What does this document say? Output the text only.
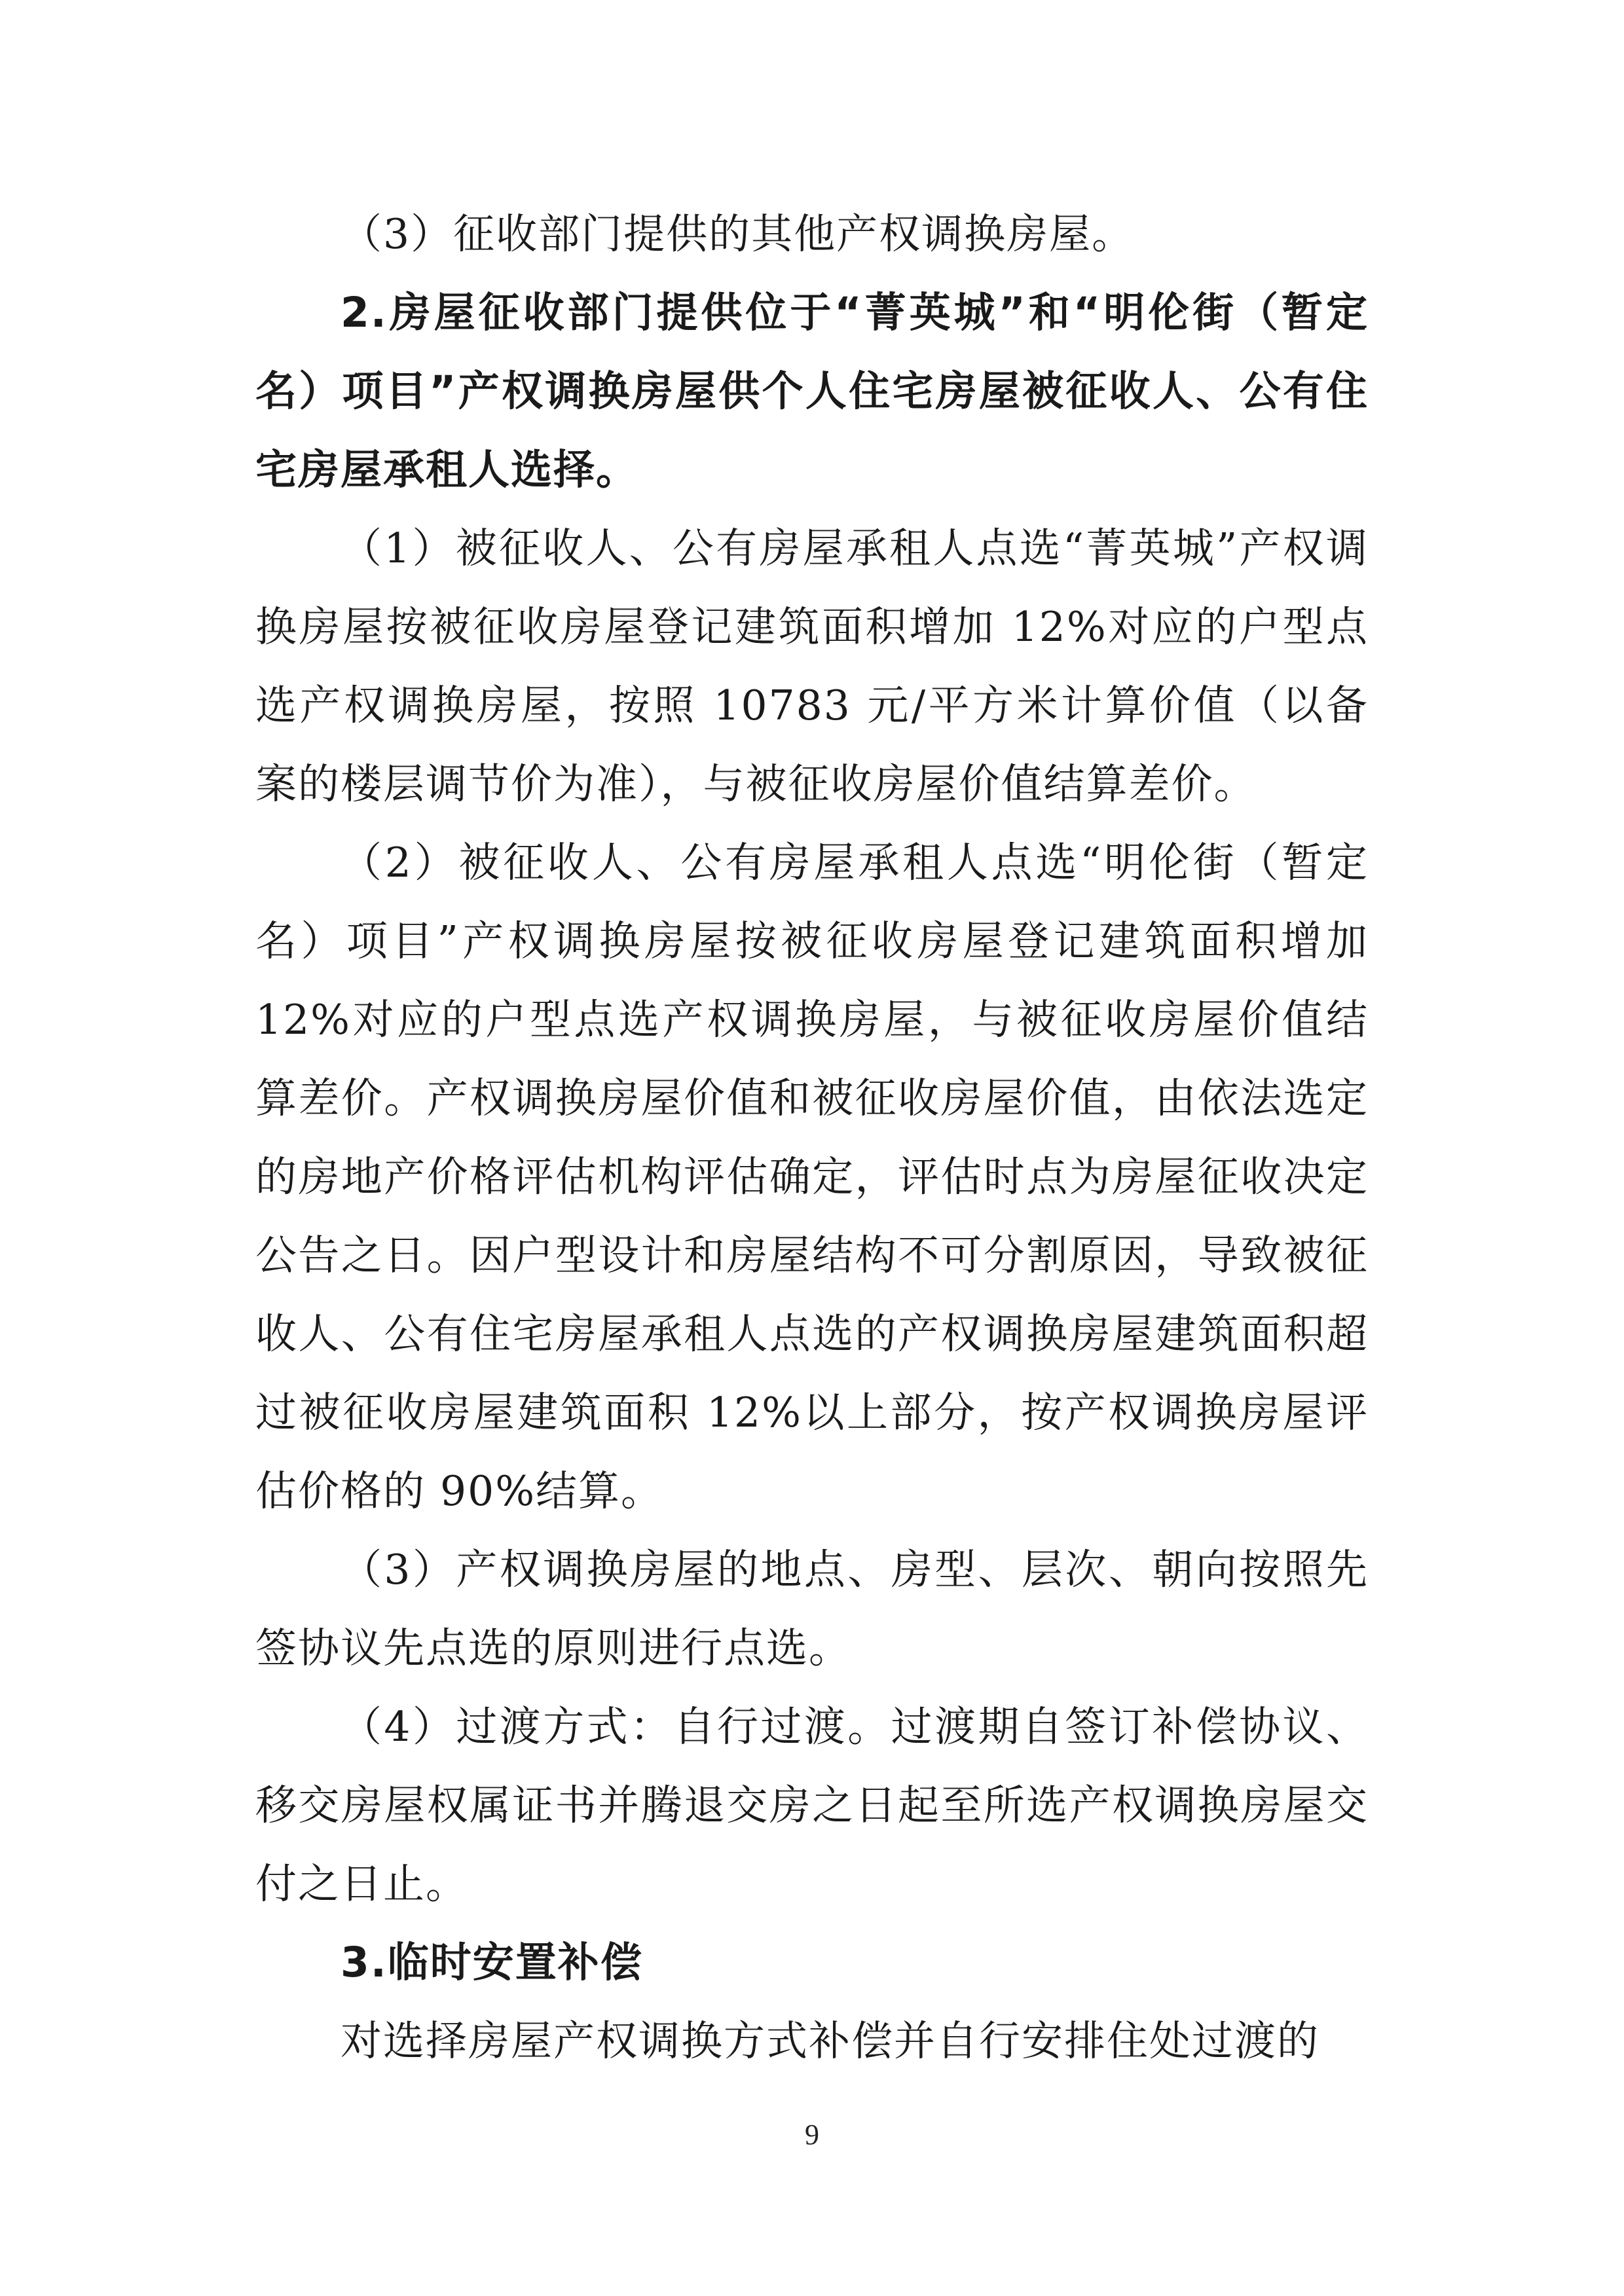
（3）征收部门提供的其他产权调换房屋。

2.房屋征收部门提供位于“菁英城”和“明伦街（暂定名）项目”产权调换房屋供个人住宅房屋被征收人、公有住宅房屋承租人选择。

（1）被征收人、公有房屋承租人点选“菁英城”产权调换房屋按被征收房屋登记建筑面积增加 12%对应的户型点选产权调换房屋，按照 10783 元/平方米计算价值（以备案的楼层调节价为准），与被征收房屋价值结算差价。

（2）被征收人、公有房屋承租人点选“明伦街（暂定名）项目”产权调换房屋按被征收房屋登记建筑面积增加 12%对应的户型点选产权调换房屋，与被征收房屋价值结算差价。产权调换房屋价值和被征收房屋价值，由依法选定的房地产价格评估机构评估确定，评估时点为房屋征收决定公告之日。因户型设计和房屋结构不可分割原因，导致被征收人、公有住宅房屋承租人点选的产权调换房屋建筑面积超过被征收房屋建筑面积 12%以上部分，按产权调换房屋评估价格的 90%结算。

（3）产权调换房屋的地点、房型、层次、朝向按照先签协议先点选的原则进行点选。

（4）过渡方式：自行过渡。过渡期自签订补偿协议、移交房屋权属证书并腾退交房之日起至所选产权调换房屋交付之日止。

3.临时安置补偿

对选择房屋产权调换方式补偿并自行安排住处过渡的

9
